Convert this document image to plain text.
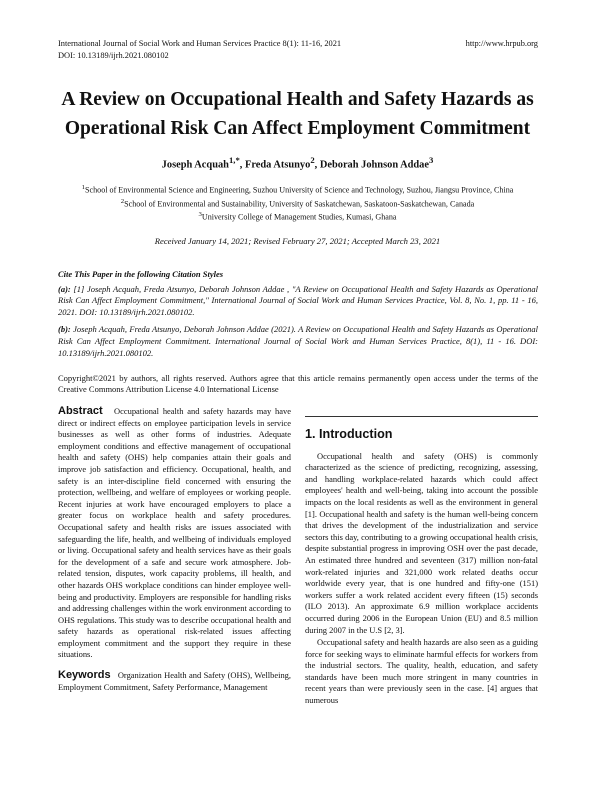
International Journal of Social Work and Human Services Practice 8(1): 11-16, 2021	http://www.hrpub.org
DOI: 10.13189/ijrh.2021.080102
A Review on Occupational Health and Safety Hazards as Operational Risk Can Affect Employment Commitment
Joseph Acquah$^{1,*}$, Freda Atsunyo$^2$, Deborah Johnson Addae$^3$
$^1$School of Environmental Science and Engineering, Suzhou University of Science and Technology, Suzhou, Jiangsu Province, China
$^2$School of Environmental and Sustainability, University of Saskatchewan, Saskatoon-Saskatchewan, Canada
$^3$University College of Management Studies, Kumasi, Ghana
Received January 14, 2021; Revised February 27, 2021; Accepted March 23, 2021
Cite This Paper in the following Citation Styles
(a): [1] Joseph Acquah, Freda Atsunyo, Deborah Johnson Addae , "A Review on Occupational Health and Safety Hazards as Operational Risk Can Affect Employment Commitment," International Journal of Social Work and Human Services Practice, Vol. 8, No. 1, pp. 11 - 16, 2021. DOI: 10.13189/ijrh.2021.080102.
(b): Joseph Acquah, Freda Atsunyo, Deborah Johnson Addae (2021). A Review on Occupational Health and Safety Hazards as Operational Risk Can Affect Employment Commitment. International Journal of Social Work and Human Services Practice, 8(1), 11 - 16. DOI: 10.13189/ijrh.2021.080102.
Copyright©2021 by authors, all rights reserved. Authors agree that this article remains permanently open access under the terms of the Creative Commons Attribution License 4.0 International License
Abstract Occupational health and safety hazards may have direct or indirect effects on employee participation levels in service businesses as well as other forms of industries. Adequate employment conditions and effective management of occupational health and safety (OHS) help companies attain their goals and improve job satisfaction and efficiency. Occupational, health, and safety is an inter-discipline field concerned with ensuring the protection, wellbeing, and welfare of employees or working people. Recent injuries at work have encouraged employers to place a greater focus on workplace health and safety procedures. Occupational safety and health risks are issues associated with safeguarding the life, health, and wellbeing of individuals employed or living. Occupational safety and health services have as their goals for the development of a safe and secure work atmosphere. Job-related tension, disputes, work capacity problems, ill health, and other hazards OHS workplace conditions can hinder employee well-being and productivity. Employers are responsible for handling risks and addressing challenges within the work environment according to OHS regulations. This study was to describe occupational health and safety hazards as operational risk-related issues affecting employment commitment and the support they require in these situations.
Keywords Organization Health and Safety (OHS), Wellbeing, Employment Commitment, Safety Performance, Management
1. Introduction

Occupational health and safety (OHS) is commonly characterized as the science of predicting, recognizing, assessing, and handling workplace-related hazards which could affect employees' health and well-being, taking into account the possible impacts on the local residents as well as the environment in general [1]. Occupational health and safety is the human well-being concern that drives the development of the industrialization and service sectors this day, contributing to a growing occupational health crisis, despite substantial progress in improving OSH over the past decade, An estimated three hundred and seventeen (317) million non-fatal work-related injuries and 321,000 work related deaths occur worldwide every year, that is one hundred and fifty-one (151) workers suffer a work related accident every fifteen (15) seconds (ILO 2013). An approximate 6.9 million workplace accidents occurred during 2006 in the European Union (EU) and 8.5 million during 2007 in the U.S [2, 3].

Occupational safety and health hazards are also seen as a guiding force for seeking ways to eliminate harmful effects for workers from the industrial sectors. The quality, health, education, and safety standards have been much more stringent in many countries in recent years than were previously seen in the case. [4] argues that numerous
